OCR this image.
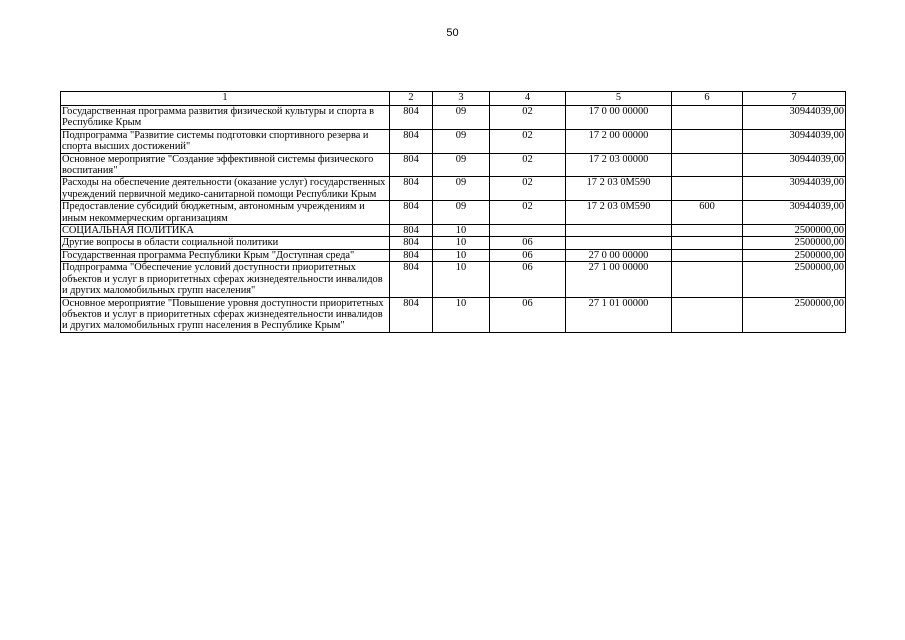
50
1	2	3	4	5	6	7
Государственная программа развития физической культуры и спорта в Республике Крым	804	09	02	17 0 00 00000		30944039,00
Подпрограмма "Развитие системы подготовки спортивного резерва и спорта высших достижений"	804	09	02	17 2 00 00000		30944039,00
Основное мероприятие "Создание эффективной системы физического воспитания"	804	09	02	17 2 03 00000		30944039,00
Расходы на обеспечение деятельности (оказание услуг) государственных учреждений первичной медико-санитарной помощи Республики Крым	804	09	02	17 2 03 0М590		30944039,00
Предоставление субсидий бюджетным, автономным учреждениям и иным некоммерческим организациям	804	09	02	17 2 03 0М590	600	30944039,00
СОЦИАЛЬНАЯ ПОЛИТИКА	804	10				2500000,00
Другие вопросы в области социальной политики	804	10	06			2500000,00
Государственная программа Республики Крым "Доступная среда"	804	10	06	27 0 00 00000		2500000,00
Подпрограмма "Обеспечение условий доступности приоритетных объектов и услуг в приоритетных сферах жизнедеятельности инвалидов и других маломобильных групп населения"	804	10	06	27 1 00 00000		2500000,00
Основное мероприятие "Повышение уровня доступности приоритетных объектов и услуг в приоритетных сферах жизнедеятельности инвалидов и других маломобильных групп населения в Республике Крым"	804	10	06	27 1 01 00000		2500000,00
